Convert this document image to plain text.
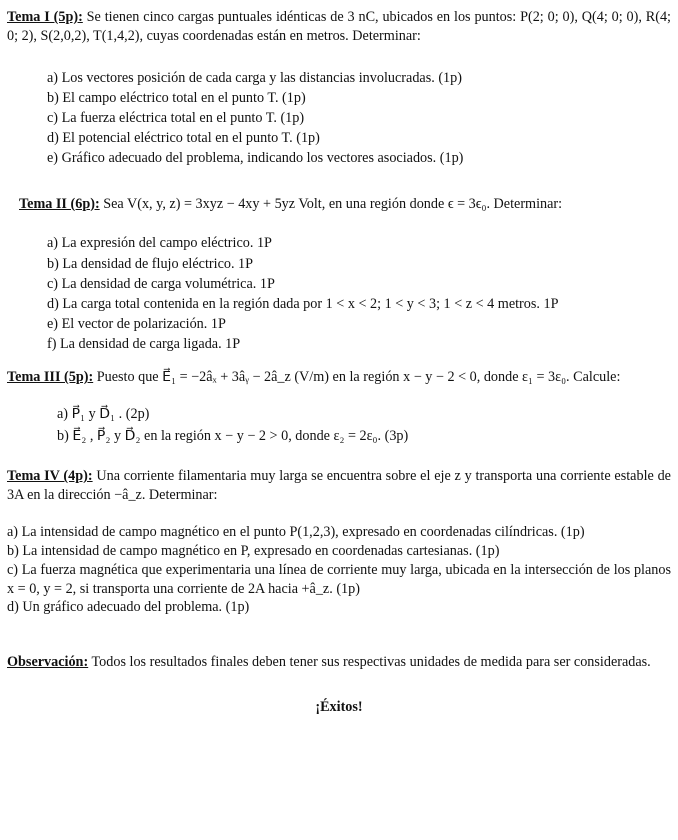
Tema I (5p): Se tienen cinco cargas puntuales idénticas de 3 nC, ubicados en los puntos: P(2; 0; 0), Q(4; 0; 0), R(4; 0; 2), S(2,0,2), T(1,4,2), cuyas coordenadas están en metros. Determinar:

a) Los vectores posición de cada carga y las distancias involucradas. (1p)
b) El campo eléctrico total en el punto T. (1p)
c) La fuerza eléctrica total en el punto T. (1p)
d) El potencial eléctrico total en el punto T. (1p)
e) Gráfico adecuado del problema, indicando los vectores asociados. (1p)

Tema II (6p): Sea V(x, y, z) = 3xyz − 4xy + 5yz Volt, en una región donde ϵ = 3ϵ₀. Determinar:

a) La expresión del campo eléctrico. 1P
b) La densidad de flujo eléctrico. 1P
c) La densidad de carga volumétrica. 1P
d) La carga total contenida en la región dada por 1 < x < 2; 1 < y < 3; 1 < z < 4 metros. 1P
e) El vector de polarización. 1P
f) La densidad de carga ligada. 1P

Tema III (5p): Puesto que E⃗₁ = −2âₓ + 3âᵧ − 2â_z (V/m) en la región x − y − 2 < 0, donde ε₁ = 3ε₀. Calcule:

a) P⃗₁ y D⃗₁ . (2p)
b) E⃗₂ , P⃗₂ y D⃗₂ en la región x − y − 2 > 0, donde ε₂ = 2ε₀. (3p)

Tema IV (4p): Una corriente filamentaria muy larga se encuentra sobre el eje z y transporta una corriente estable de 3A en la dirección −â_z. Determinar:

a) La intensidad de campo magnético en el punto P(1,2,3), expresado en coordenadas cilíndricas. (1p)
b) La intensidad de campo magnético en P, expresado en coordenadas cartesianas. (1p)
c) La fuerza magnética que experimentaria una línea de corriente muy larga, ubicada en la intersección de los planos x = 0, y = 2, si transporta una corriente de 2A hacia +â_z. (1p)
d) Un gráfico adecuado del problema. (1p)

Observación: Todos los resultados finales deben tener sus respectivas unidades de medida para ser consideradas.

¡Éxitos!
